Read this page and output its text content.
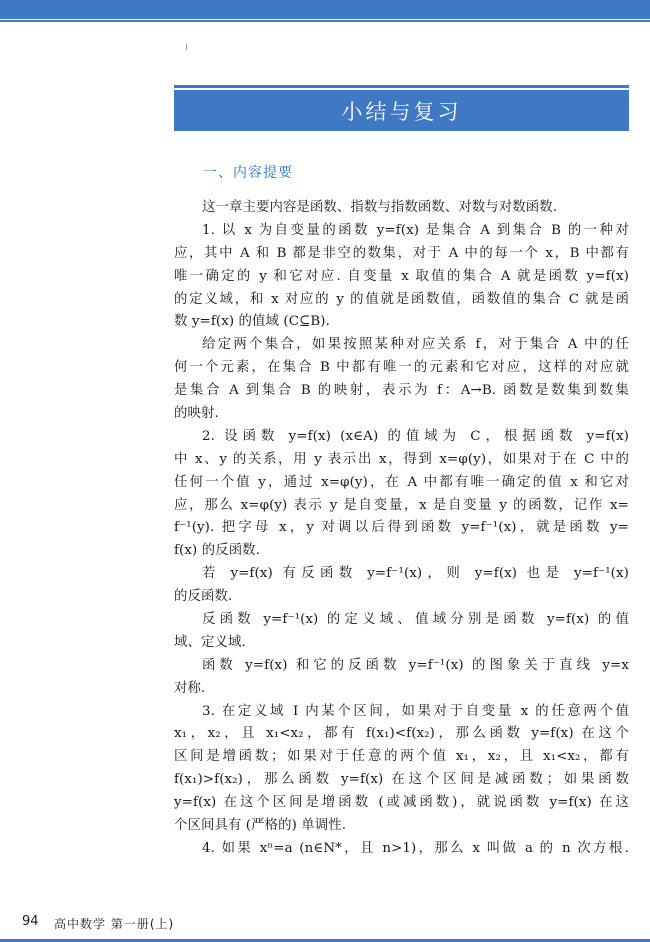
小结与复习
一、内容提要
这一章主要内容是函数、指数与指数函数、对数与对数函数.
1. 以 x 为自变量的函数 y=f(x) 是集合 A 到集合 B 的一种对
应，其中 A 和 B 都是非空的数集，对于 A 中的每一个 x，B 中都有
唯一确定的 y 和它对应. 自变量 x 取值的集合 A 就是函数 y=f(x)
的定义域，和 x 对应的 y 的值就是函数值，函数值的集合 C 就是函
数 y=f(x) 的值域 (C⊆B).
给定两个集合，如果按照某种对应关系 f，对于集合 A 中的任
何一个元素，在集合 B 中都有唯一的元素和它对应，这样的对应就
是集合 A 到集合 B 的映射，表示为 f：A→B. 函数是数集到数集
的映射.
2. 设函数 y=f(x) (x∈A) 的值域为 C，根据函数 y=f(x)
中 x、y 的关系，用 y 表示出 x，得到 x=φ(y)，如果对于在 C 中的
任何一个值 y，通过 x=φ(y)，在 A 中都有唯一确定的值 x 和它对
应，那么 x=φ(y) 表示 y 是自变量，x 是自变量 y 的函数，记作 x=
f⁻¹(y). 把字母 x，y 对调以后得到函数 y=f⁻¹(x)，就是函数 y=
f(x) 的反函数.
若 y=f(x) 有反函数 y=f⁻¹(x)，则 y=f(x) 也是 y=f⁻¹(x)
的反函数.
反函数 y=f⁻¹(x) 的定义域、值域分别是函数 y=f(x) 的值
域、定义域.
函数 y=f(x) 和它的反函数 y=f⁻¹(x) 的图象关于直线 y=x
对称.
3. 在定义域 I 内某个区间，如果对于自变量 x 的任意两个值
x₁，x₂，且 x₁<x₂，都有 f(x₁)<f(x₂)，那么函数 y=f(x) 在这个
区间是增函数；如果对于任意的两个值 x₁，x₂，且 x₁<x₂，都有
f(x₁)>f(x₂)，那么函数 y=f(x) 在这个区间是减函数；如果函数
y=f(x) 在这个区间是增函数 (或减函数)，就说函数 y=f(x) 在这
个区间具有 (严格的) 单调性.
4. 如果 xⁿ=a (n∈N*，且 n>1)，那么 x 叫做 a 的 n 次方根.
94 高中数学 第一册(上)
